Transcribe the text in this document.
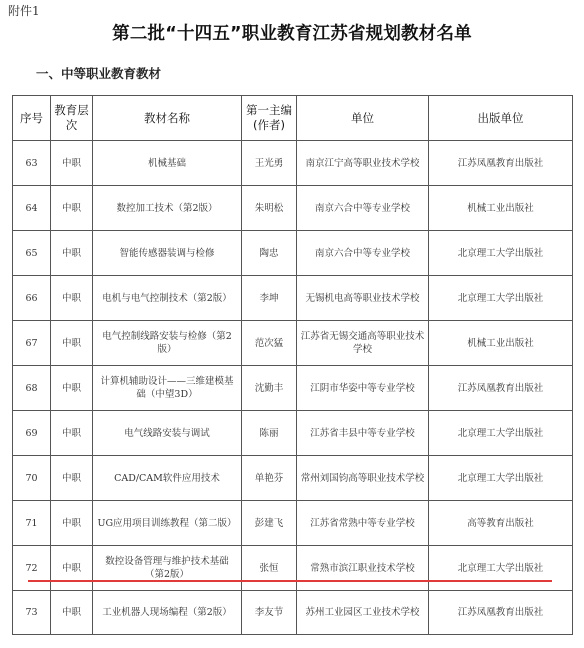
附件1
第二批“十四五”职业教育江苏省规划教材名单
一、中等职业教育教材
序号	教育层次	教材名称	第一主编(作者)	单位	出版单位
63	中职	机械基础	王光勇	南京江宁高等职业技术学校	江苏凤凰教育出版社
64	中职	数控加工技术（第2版）	朱明松	南京六合中等专业学校	机械工业出版社
65	中职	智能传感器装调与检修	陶忠	南京六合中等专业学校	北京理工大学出版社
66	中职	电机与电气控制技术（第2版）	李坤	无锡机电高等职业技术学校	北京理工大学出版社
67	中职	电气控制线路安装与检修（第2版）	范次猛	江苏省无锡交通高等职业技术学校	机械工业出版社
68	中职	计算机辅助设计——三维建模基础（中望3D）	沈勤丰	江阴市华姿中等专业学校	江苏凤凰教育出版社
69	中职	电气线路安装与调试	陈丽	江苏省丰县中等专业学校	北京理工大学出版社
70	中职	CAD/CAM软件应用技术	单艳芬	常州刘国钧高等职业技术学校	北京理工大学出版社
71	中职	UG应用项目训练教程（第二版）	彭建飞	江苏省常熟中等专业学校	高等教育出版社
72	中职	数控设备管理与维护技术基础（第2版）	张恒	常熟市滨江职业技术学校	北京理工大学出版社
73	中职	工业机器人现场编程（第2版）	李友节	苏州工业园区工业技术学校	江苏凤凰教育出版社
